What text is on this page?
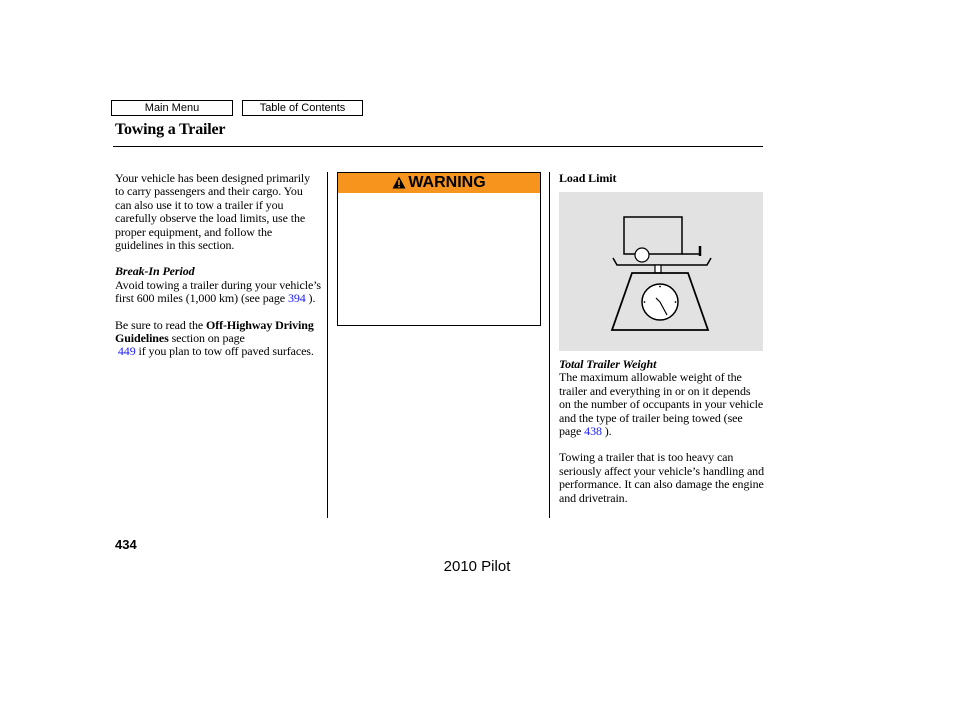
Main Menu	Table of Contents
Towing a Trailer

Your vehicle has been designed primarily to carry passengers and their cargo. You can also use it to tow a trailer if you carefully observe the load limits, use the proper equipment, and follow the guidelines in this section.

Break-In Period

Avoid towing a trailer during your vehicle’s first 600 miles (1,000 km) (see page 394 ).

Be sure to read the Off-Highway Driving Guidelines section on page
449 if you plan to tow off paved surfaces.

WARNING	Load Limit

Total Trailer Weight

The maximum allowable weight of the trailer and everything in or on it depends on the number of occupants in your vehicle and the type of trailer being towed (see page 438 ).

Towing a trailer that is too heavy can seriously affect your vehicle’s handling and performance. It can also damage the engine and drivetrain.

434
2010 Pilot
